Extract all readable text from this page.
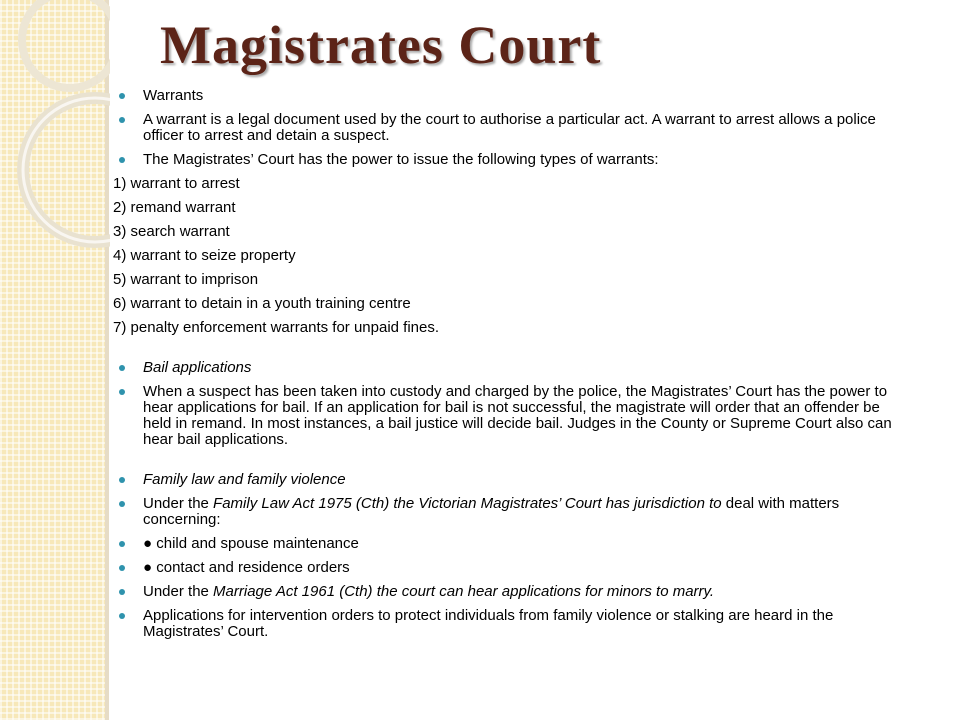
Magistrates Court

Warrants

A warrant is a legal document used by the court to authorise a particular act. A warrant to arrest allows a police officer to arrest and detain a suspect.

The Magistrates’ Court has the power to issue the following types of warrants:

1) warrant to arrest

2) remand warrant

3) search warrant

4) warrant to seize property

5) warrant to imprison

6) warrant to detain in a youth training centre

7) penalty enforcement warrants for unpaid fines.

Bail applications

When a suspect has been taken into custody and charged by the police, the Magistrates’ Court has the power to hear applications for bail. If an application for bail is not successful, the magistrate will order that an offender be held in remand. In most instances, a bail justice will decide bail. Judges in the County or Supreme Court also can hear bail applications.

Family law and family violence

Under the Family Law Act 1975 (Cth) the Victorian Magistrates’ Court has jurisdiction to deal with matters concerning:

● child and spouse maintenance

● contact and residence orders

Under the Marriage Act 1961 (Cth) the court can hear applications for minors to marry.

Applications for intervention orders to protect individuals from family violence or stalking are heard in the Magistrates’ Court.
